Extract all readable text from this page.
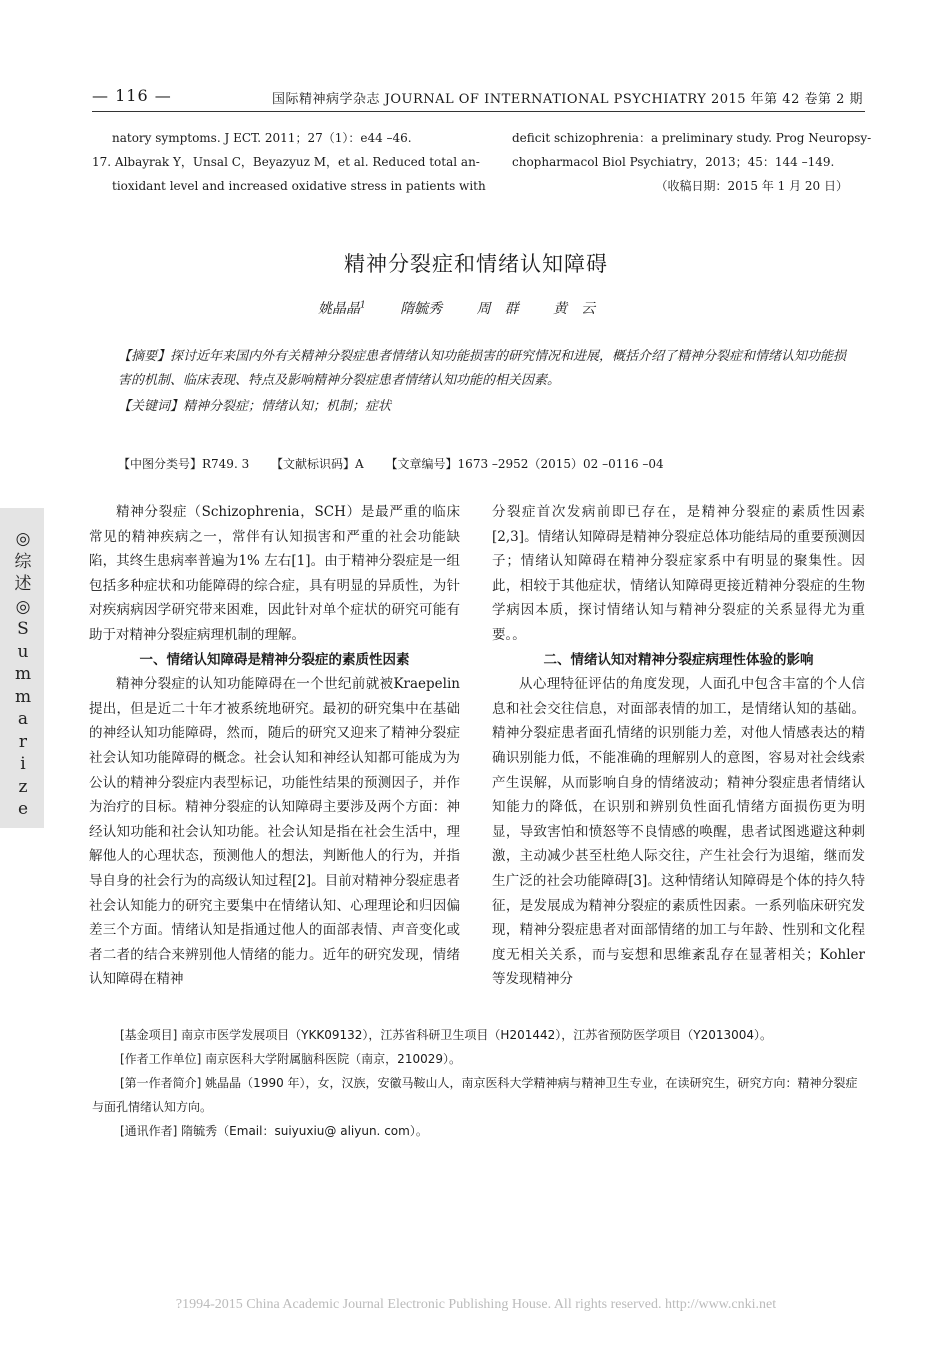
— 116 —	国际精神病学杂志 JOURNAL OF INTERNATIONAL PSYCHIATRY 2015 年第 42 卷第 2 期
natory symptoms. J ECT. 2011；27（1）：e44 –46.
17. Albayrak Y，Unsal C，Beyazyuz M，et al. Reduced total an-
tioxidant level and increased oxidative stress in patients with
deficit schizophrenia：a preliminary study. Prog Neuropsy-
chopharmacol Biol Psychiatry，2013；45：144 –149.
（收稿日期：2015 年 1 月 20 日）
精神分裂症和情绪认知障碍
姚晶晶$^1$ 隋毓秀 周　群 黄　云
【摘要】探讨近年来国内外有关精神分裂症患者情绪认知功能损害的研究情况和进展，概括介绍了精神分裂症和情绪认知功能损害的机制、临床表现、特点及影响精神分裂症患者情绪认知功能的相关因素。
【关键词】精神分裂症；情绪认知；机制；症状
【中图分类号】R749. 3 【文献标识码】A 【文章编号】1673 –2952（2015）02 –0116 –04
◎
综
述
◎
S
u
m
m
a
r
i
z
e

精神分裂症（Schizophrenia，SCH）是最严重的临床常见的精神疾病之一，常伴有认知损害和严重的社会功能缺陷，其终生患病率普遍为1% 左右[1]。由于精神分裂症是一组包括多种症状和功能障碍的综合症，具有明显的异质性，为针对疾病病因学研究带来困难，因此针对单个症状的研究可能有助于对精神分裂症病理机制的理解。

一、情绪认知障碍是精神分裂症的素质性因素

精神分裂症的认知功能障碍在一个世纪前就被Kraepelin 提出，但是近二十年才被系统地研究。最初的研究集中在基础的神经认知功能障碍，然而，随后的研究又迎来了精神分裂症社会认知功能障碍的概念。社会认知和神经认知都可能成为为公认的精神分裂症内表型标记，功能性结果的预测因子，并作为治疗的目标。精神分裂症的认知障碍主要涉及两个方面：神经认知功能和社会认知功能。社会认知是指在社会生活中，理解他人的心理状态，预测他人的想法，判断他人的行为，并指导自身的社会行为的高级认知过程[2]。目前对精神分裂症患者社会认知能力的研究主要集中在情绪认知、心理理论和归因偏差三个方面。情绪认知是指通过他人的面部表情、声音变化或者二者的结合来辨别他人情绪的能力。近年的研究发现，情绪认知障碍在精神

分裂症首次发病前即已存在，是精神分裂症的素质性因素[2,3]。情绪认知障碍是精神分裂症总体功能结局的重要预测因子；情绪认知障碍在精神分裂症家系中有明显的聚集性。因此，相较于其他症状，情绪认知障碍更接近精神分裂症的生物学病因本质，探讨情绪认知与精神分裂症的关系显得尤为重要。。

二、情绪认知对精神分裂症病理性体验的影响

从心理特征评估的角度发现，人面孔中包含丰富的个人信息和社会交往信息，对面部表情的加工，是情绪认知的基础。精神分裂症患者面孔情绪的识别能力差，对他人情感表达的精确识别能力低，不能准确的理解别人的意图，容易对社会线索产生误解，从而影响自身的情绪波动；精神分裂症患者情绪认知能力的降低，在识别和辨别负性面孔情绪方面损伤更为明显，导致害怕和愤怒等不良情感的唤醒，患者试图逃避这种刺激，主动减少甚至杜绝人际交往，产生社会行为退缩，继而发生广泛的社会功能障碍[3]。这种情绪认知障碍是个体的持久特征，是发展成为精神分裂症的素质性因素。一系列临床研究发现，精神分裂症患者对面部情绪的加工与年龄、性别和文化程度无相关关系，而与妄想和思维紊乱存在显著相关；Kohler 等发现精神分

[基金项目] 南京市医学发展项目（YKK09132），江苏省科研卫生项目（H201442），江苏省预防医学项目（Y2013004）。
[作者工作单位] 南京医科大学附属脑科医院（南京，210029）。
[第一作者简介] 姚晶晶（1990 年），女，汉族，安徽马鞍山人，南京医科大学精神病与精神卫生专业，在读研究生，研究方向：精神分裂症与面孔情绪认知方向。
[通讯作者] 隋毓秀（Email：suiyuxiu@ aliyun. com）。
?1994-2015 China Academic Journal Electronic Publishing House. All rights reserved. http://www.cnki.net
